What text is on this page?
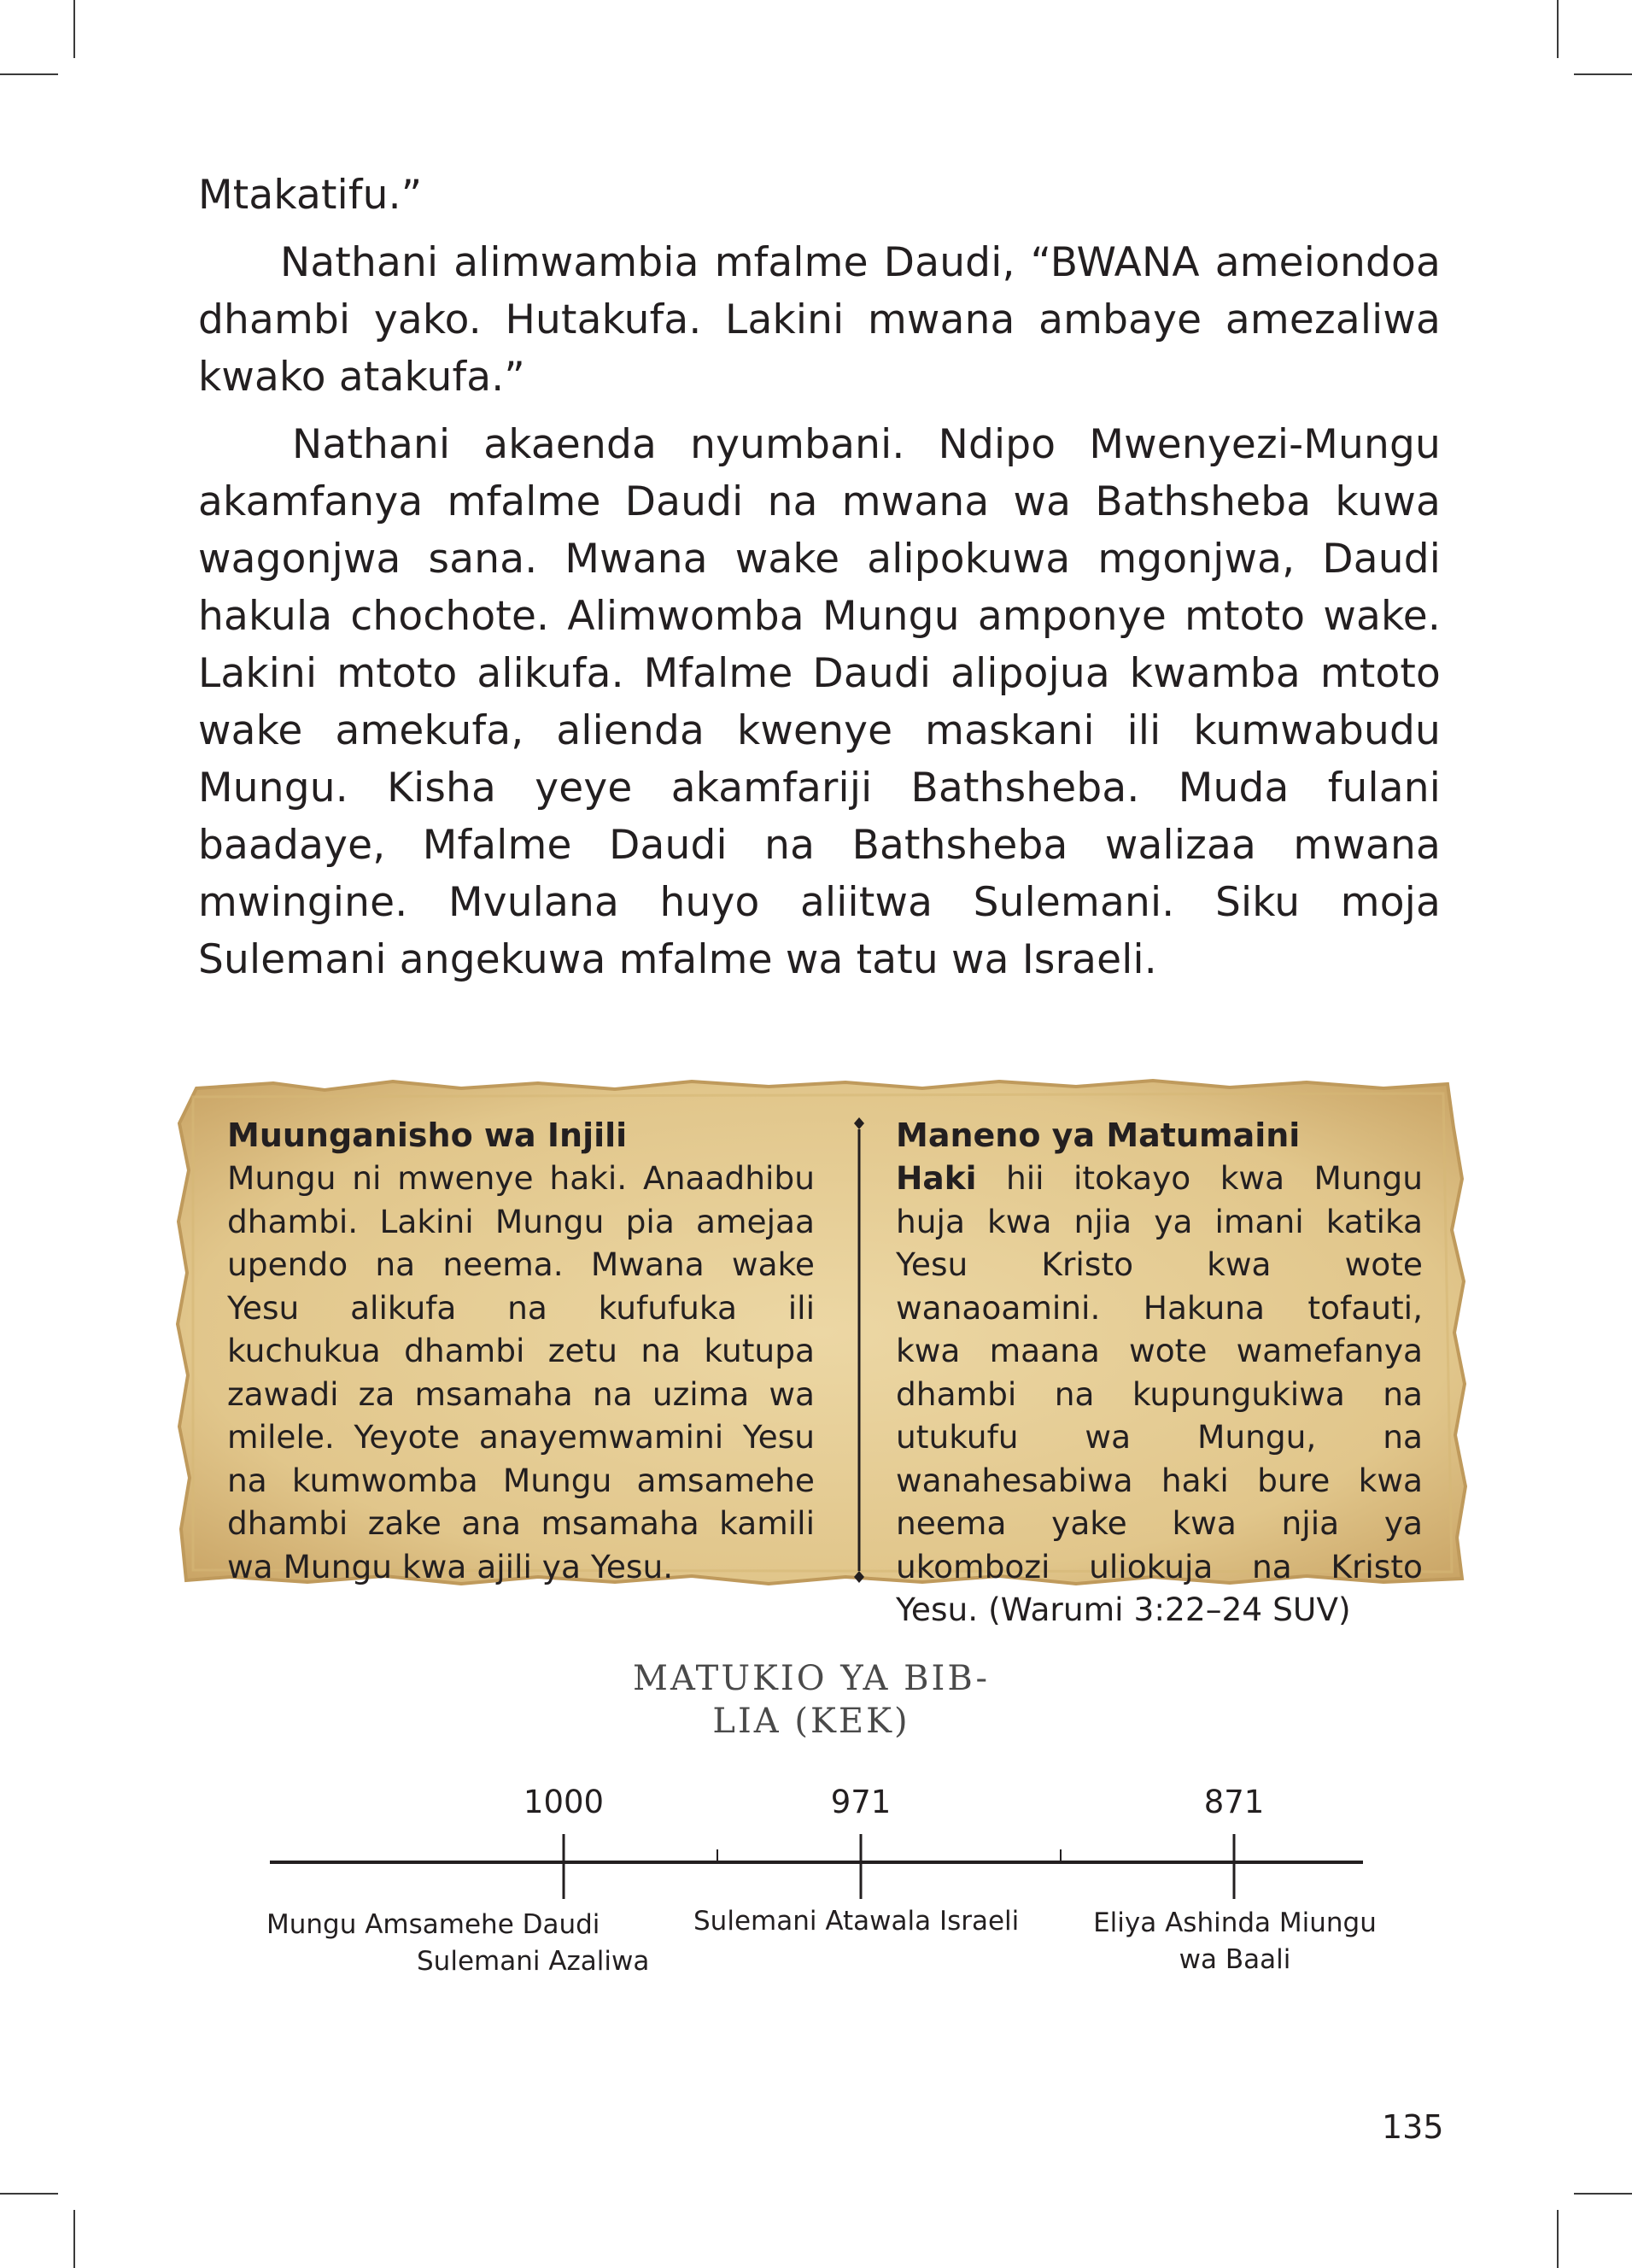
Mtakatifu.”

Nathani alimwambia mfalme Daudi, “BWANA ameiondoa dhambi yako. Hutakufa. Lakini mwana ambaye amezaliwa kwako atakufa.”

Nathani akaenda nyumbani. Ndipo Mwenyezi-Mungu akamfanya mfalme Daudi na mwana wa Bathsheba kuwa wagonjwa sana. Mwana wake alipokuwa mgonjwa, Daudi hakula chochote. Alimwomba Mungu amponye mtoto wake. Lakini mtoto alikufa. Mfalme Daudi alipojua kwamba mtoto wake amekufa, alienda kwenye maskani ili kumwabudu Mungu. Kisha yeye akamfariji Bathsheba. Muda fulani baadaye, Mfalme Daudi na Bathsheba walizaa mwana mwingine. Mvulana huyo aliitwa Sulemani. Siku moja Sulemani angekuwa mfalme wa tatu wa Israeli.

Muunganisho wa Injili

Mungu ni mwenye haki. Anaadhibu dhambi. Lakini Mungu pia amejaa upendo na neema. Mwana wake Yesu alikufa na kufufuka ili kuchukua dhambi zetu na kutupa zawadi za msamaha na uzima wa milele. Yeyote anayemwamini Yesu na kumwomba Mungu amsamehe dhambi zake ana msamaha kamili wa Mungu kwa ajili ya Yesu.

Maneno ya Matumaini

Haki hii itokayo kwa Mungu huja kwa njia ya imani katika Yesu Kristo kwa wote wanaoamini. Hakuna tofauti, kwa maana wote wamefanya dhambi na kupungukiwa na utukufu wa Mungu, na wanahesabiwa haki bure kwa neema yake kwa njia ya ukombozi uliokuja na Kristo Yesu. (Warumi 3:22–24 SUV)

MATUKIO YA BIB-
LIA (KEK)
1000	971	871
Mungu Amsamehe Daudi
Sulemani Azaliwa
Sulemani Atawala Israeli	Eliya Ashinda Miungu
wa Baali
135
